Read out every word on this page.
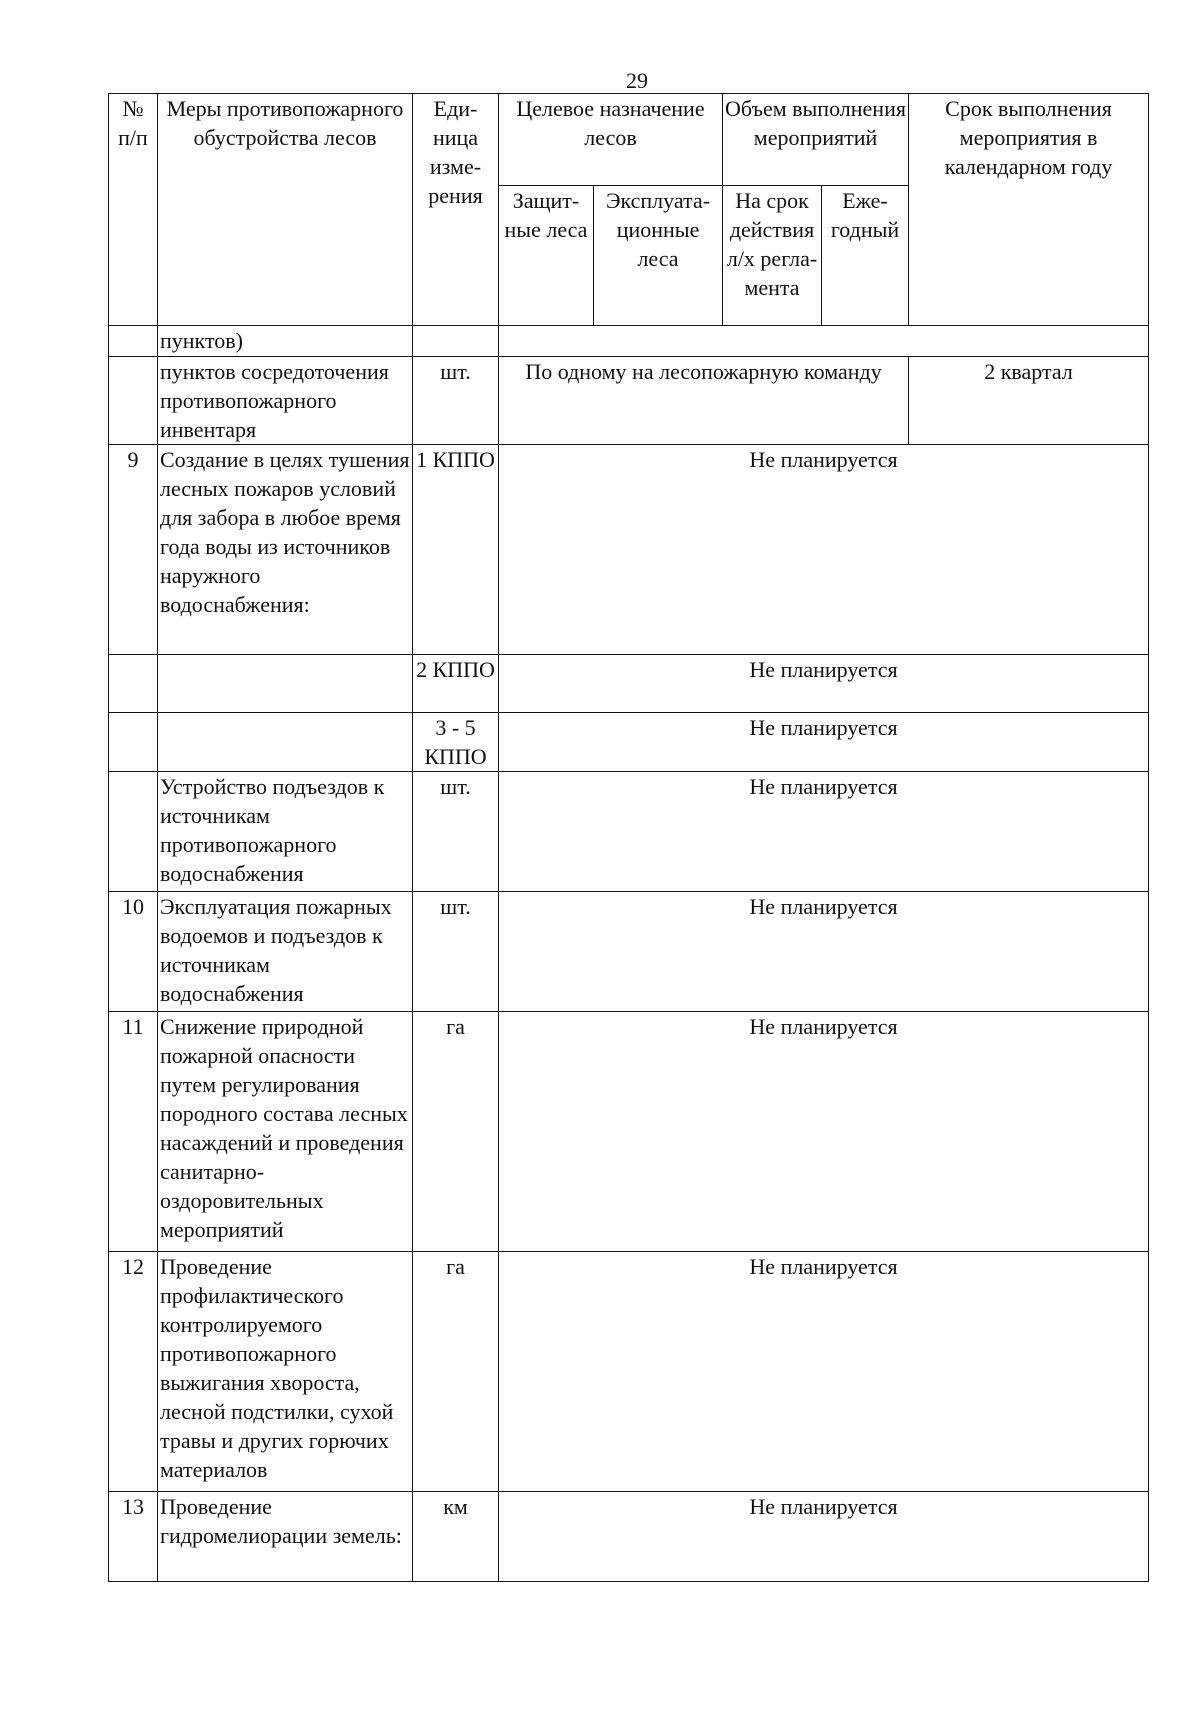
29
№ п/п	Меры противопожарного обустройства лесов	Еди-ница изме-рения	Целевое назначение лесов		Объем выполнения мероприятий		Срок выполнения мероприятия в календарном году
			Защит-ные леса	Эксплуата-ционные леса	На срок действия л/х регла-мента	Еже-годный	
	пунктов)						
	пунктов сосредоточения противопожарного инвентаря	шт.	По одному на лесопожарную команду				2 квартал
9	Создание в целях тушения лесных пожаров условий для забора в любое время года воды из источников наружного водоснабжения:	1 КППО	Не планируется				
		2 КППО	Не планируется				
		3 - 5 КППО	Не планируется				
	Устройство подъездов к источникам противопожарного водоснабжения	шт.	Не планируется				
10	Эксплуатация пожарных водоемов и подъездов к источникам водоснабжения	шт.	Не планируется				
11	Снижение природной пожарной опасности путем регулирования породного состава лесных насаждений и проведения санитарно-оздоровительных мероприятий	га	Не планируется				
12	Проведение профилактического контролируемого противопожарного выжигания хвороста, лесной подстилки, сухой травы и других горючих материалов	га	Не планируется				
13	Проведение гидромелиорации земель:	км	Не планируется				
